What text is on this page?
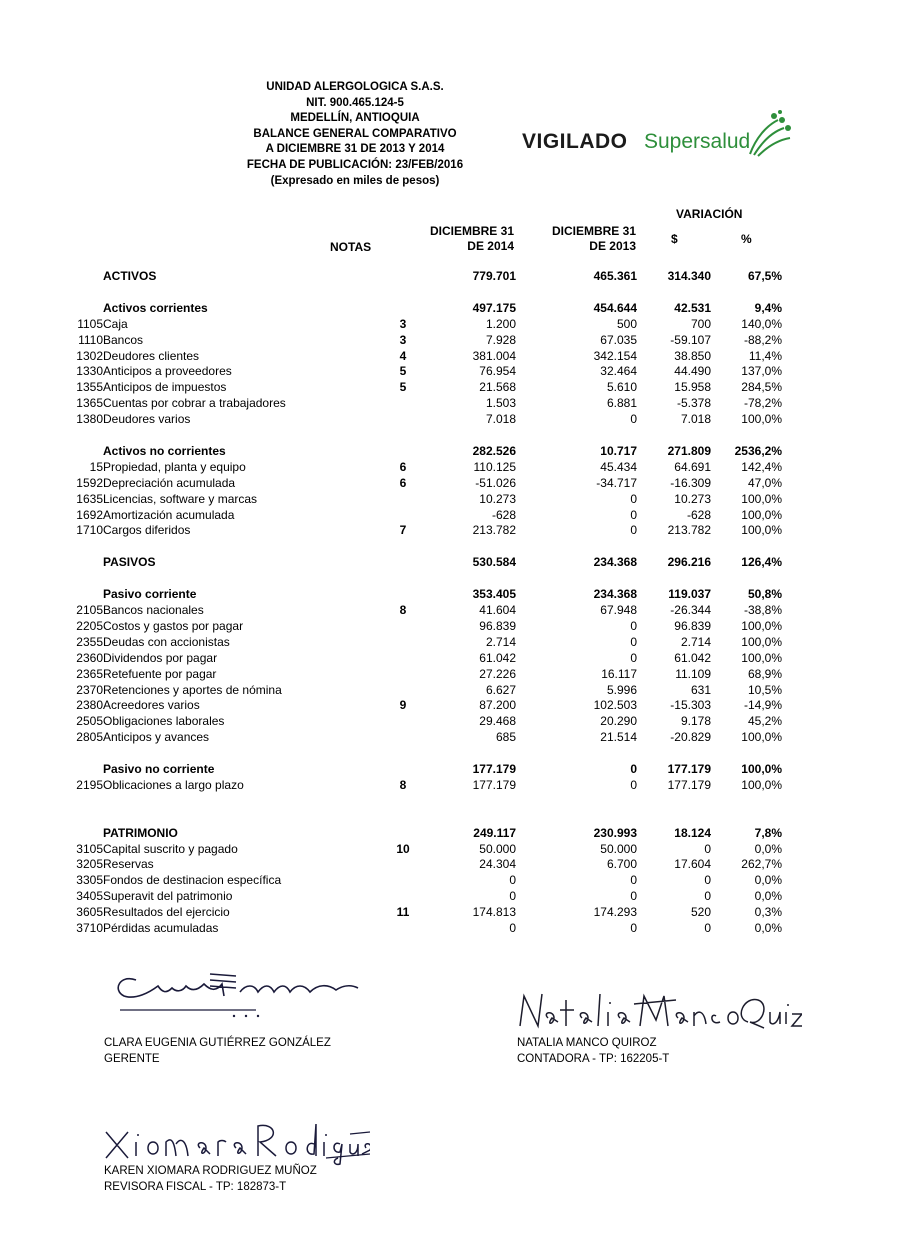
UNIDAD ALERGOLOGICA S.A.S.
NIT. 900.465.124-5
MEDELLÍN, ANTIOQUIA
BALANCE GENERAL COMPARATIVO
A DICIEMBRE 31 DE 2013 Y 2014
FECHA DE PUBLICACIÓN: 23/FEB/2016
(Expresado en miles de pesos)
VIGILADO Supersalud
NOTAS
DICIEMBRE 31
DE 2014
DICIEMBRE 31
DE 2013
VARIACIÓN
$	%
	ACTIVOS		779.701	465.361	314.340	67,5%

	Activos corrientes		497.175	454.644	42.531	9,4%
1105	Caja	3	1.200	500	700	140,0%
1110	Bancos	3	7.928	67.035	-59.107	-88,2%
1302	Deudores clientes	4	381.004	342.154	38.850	11,4%
1330	Anticipos a proveedores	5	76.954	32.464	44.490	137,0%
1355	Anticipos de impuestos	5	21.568	5.610	15.958	284,5%
1365	Cuentas por cobrar a trabajadores		1.503	6.881	-5.378	-78,2%
1380	Deudores varios		7.018	0	7.018	100,0%

	Activos no corrientes		282.526	10.717	271.809	2536,2%
15	Propiedad, planta y equipo	6	110.125	45.434	64.691	142,4%
1592	Depreciación acumulada	6	-51.026	-34.717	-16.309	47,0%
1635	Licencias, software y marcas		10.273	0	10.273	100,0%
1692	Amortización acumulada		-628	0	-628	100,0%
1710	Cargos diferidos	7	213.782	0	213.782	100,0%

	PASIVOS		530.584	234.368	296.216	126,4%

	Pasivo corriente		353.405	234.368	119.037	50,8%
2105	Bancos nacionales	8	41.604	67.948	-26.344	-38,8%
2205	Costos y gastos por pagar		96.839	0	96.839	100,0%
2355	Deudas con accionistas		2.714	0	2.714	100,0%
2360	Dividendos por pagar		61.042	0	61.042	100,0%
2365	Retefuente por pagar		27.226	16.117	11.109	68,9%
2370	Retenciones y aportes de nómina		6.627	5.996	631	10,5%
2380	Acreedores varios	9	87.200	102.503	-15.303	-14,9%
2505	Obligaciones laborales		29.468	20.290	9.178	45,2%
2805	Anticipos y avances		685	21.514	-20.829	100,0%

	Pasivo no corriente		177.179	0	177.179	100,0%
2195	Oblicaciones a largo plazo	8	177.179	0	177.179	100,0%

	PATRIMONIO		249.117	230.993	18.124	7,8%
3105	Capital suscrito y pagado	10	50.000	50.000	0	0,0%
3205	Reservas		24.304	6.700	17.604	262,7%
3305	Fondos de destinacion específica		0	0	0	0,0%
3405	Superavit del patrimonio		0	0	0	0,0%
3605	Resultados del ejercicio	11	174.813	174.293	520	0,3%
3710	Pérdidas acumuladas		0	0	0	0,0%
CLARA EUGENIA GUTIÉRREZ GONZÁLEZ
GERENTE
NATALIA MANCO QUIROZ
CONTADORA - TP: 162205-T
KAREN XIOMARA RODRIGUEZ MUÑOZ
REVISORA FISCAL - TP: 182873-T
